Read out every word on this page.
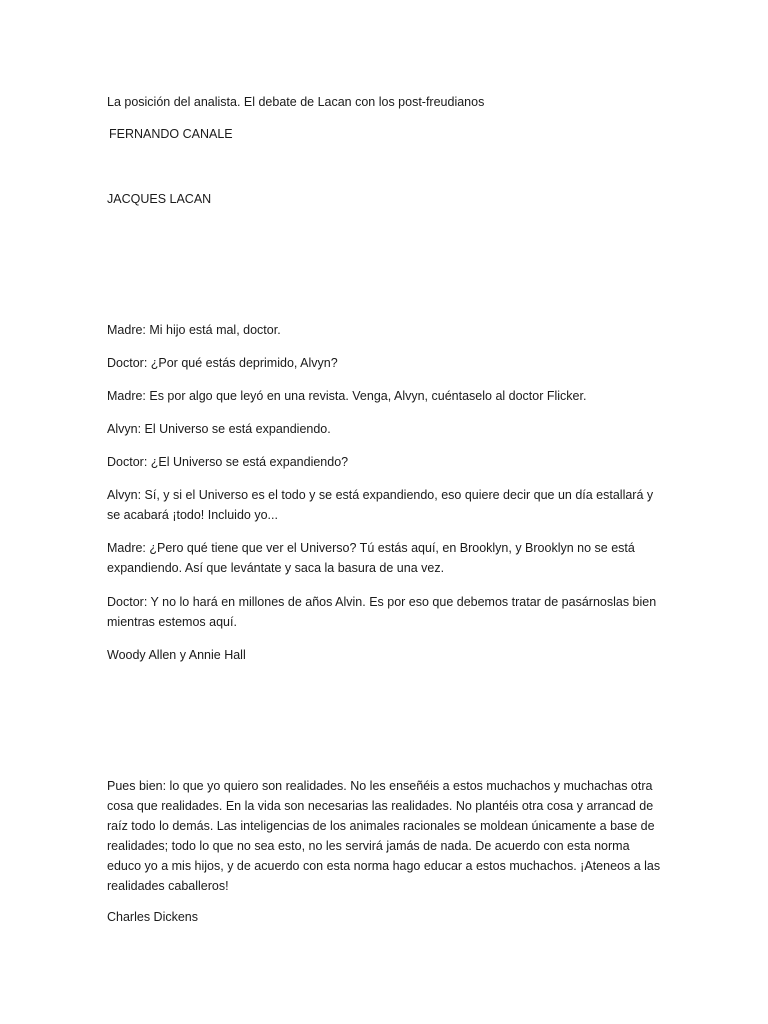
La posición del analista. El debate de Lacan con los post-freudianos

FERNANDO CANALE

JACQUES LACAN

Madre: Mi hijo está mal, doctor.

Doctor: ¿Por qué estás deprimido, Alvyn?

Madre: Es por algo que leyó en una revista. Venga, Alvyn, cuéntaselo al doctor Flicker.

Alvyn: El Universo se está expandiendo.

Doctor: ¿El Universo se está expandiendo?

Alvyn: Sí, y si el Universo es el todo y se está expandiendo, eso quiere decir que un día estallará y se acabará ¡todo! Incluido yo...

Madre: ¿Pero qué tiene que ver el Universo? Tú estás aquí, en Brooklyn, y Brooklyn no se está expandiendo. Así que levántate y saca la basura de una vez.

Doctor: Y no lo hará en millones de años Alvin. Es por eso que debemos tratar de pasárnoslas bien mientras estemos aquí.

Woody Allen y Annie Hall

Pues bien: lo que yo quiero son realidades. No les enseñéis a estos muchachos y muchachas otra cosa que realidades. En la vida son necesarias las realidades. No plantéis otra cosa y arrancad de raíz todo lo demás. Las inteligencias de los animales racionales se moldean únicamente a base de realidades; todo lo que no sea esto, no les servirá jamás de nada. De acuerdo con esta norma educo yo a mis hijos, y de acuerdo con esta norma hago educar a estos muchachos. ¡Ateneos a las realidades caballeros!

Charles Dickens
